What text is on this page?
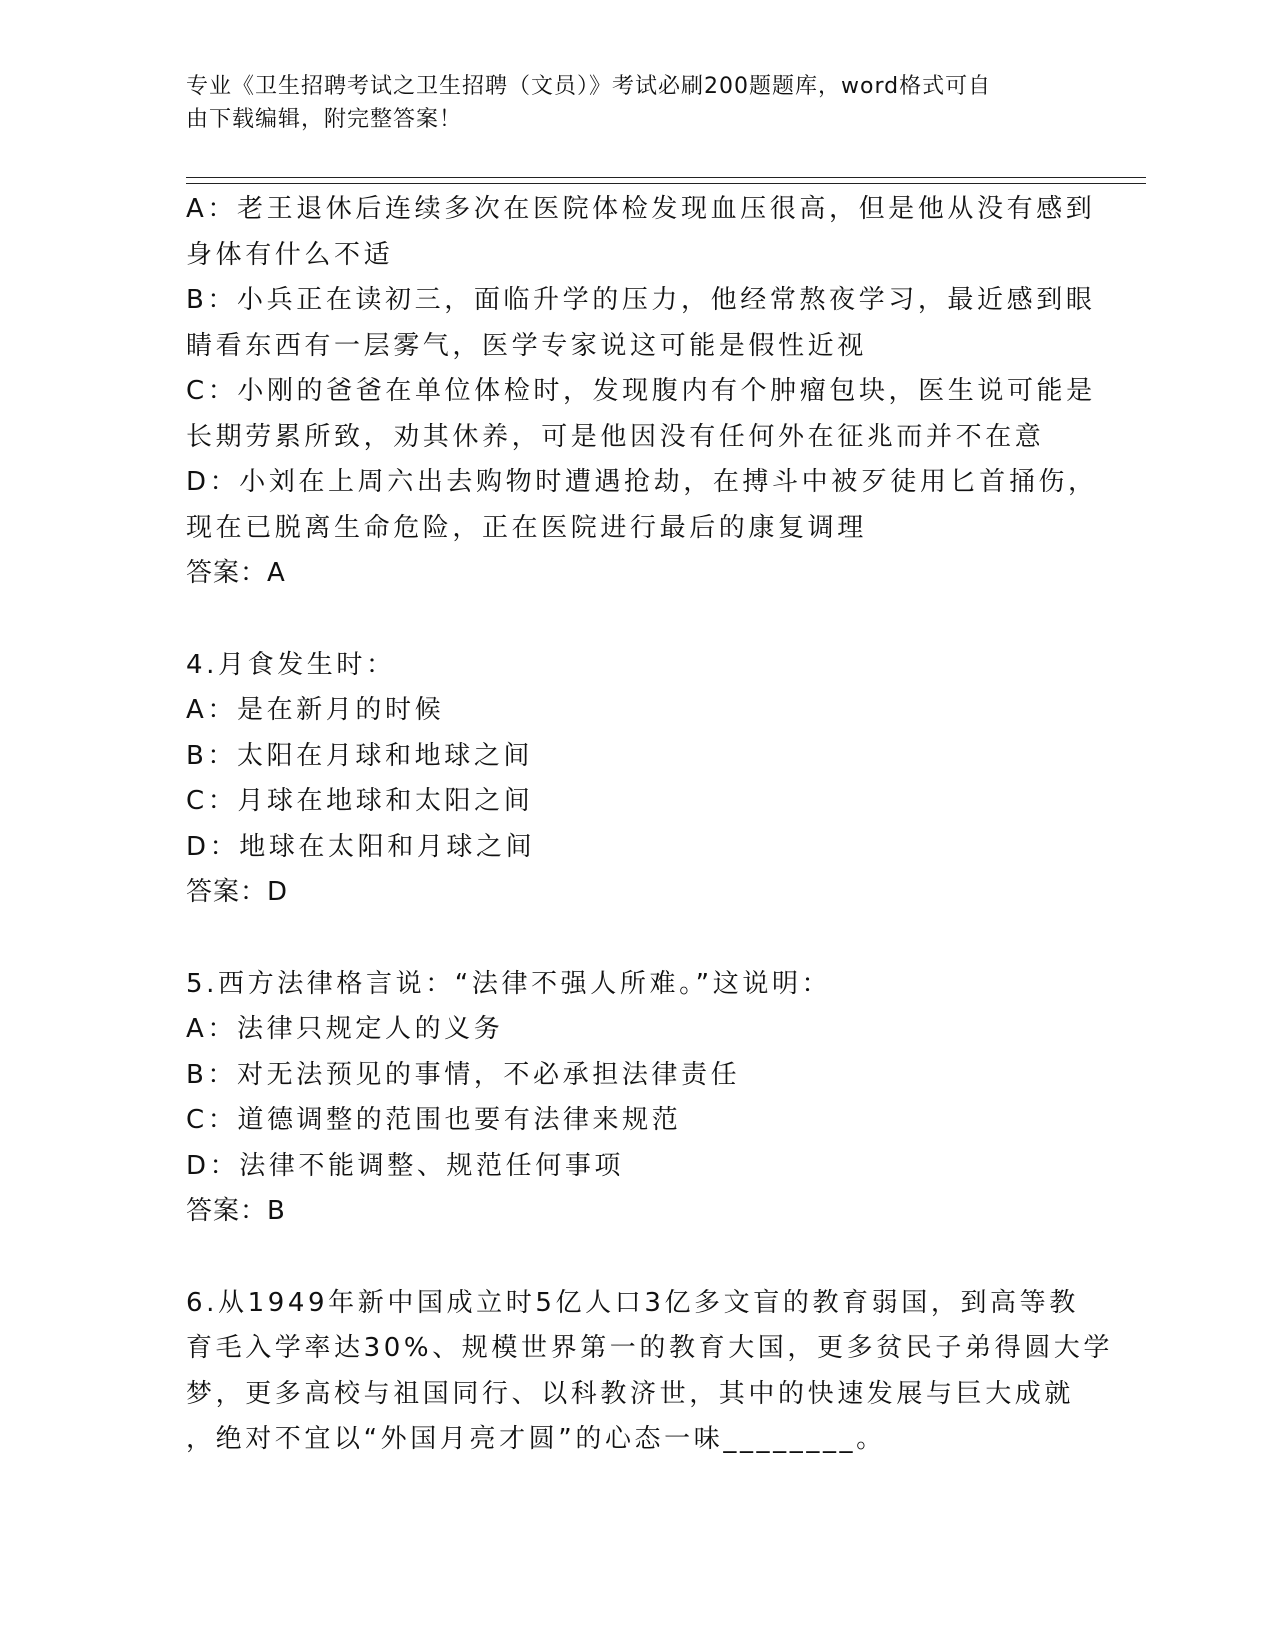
专业《卫生招聘考试之卫生招聘（文员）》考试必刷200题题库，word格式可自
由下载编辑，附完整答案！
A：老王退休后连续多次在医院体检发现血压很高，但是他从没有感到
身体有什么不适
B：小兵正在读初三，面临升学的压力，他经常熬夜学习，最近感到眼
睛看东西有一层雾气，医学专家说这可能是假性近视
C：小刚的爸爸在单位体检时，发现腹内有个肿瘤包块，医生说可能是
长期劳累所致，劝其休养，可是他因没有任何外在征兆而并不在意
D：小刘在上周六出去购物时遭遇抢劫，在搏斗中被歹徒用匕首捅伤，
现在已脱离生命危险，正在医院进行最后的康复调理
答案：A
4.月食发生时：
A：是在新月的时候
B：太阳在月球和地球之间
C：月球在地球和太阳之间
D：地球在太阳和月球之间
答案：D
5.西方法律格言说：“法律不强人所难。”这说明：
A：法律只规定人的义务
B：对无法预见的事情，不必承担法律责任
C：道德调整的范围也要有法律来规范
D：法律不能调整、规范任何事项
答案：B
6.从1949年新中国成立时5亿人口3亿多文盲的教育弱国，到高等教
育毛入学率达30%、规模世界第一的教育大国，更多贫民子弟得圆大学
梦，更多高校与祖国同行、以科教济世，其中的快速发展与巨大成就
，绝对不宜以“外国月亮才圆”的心态一味________。
